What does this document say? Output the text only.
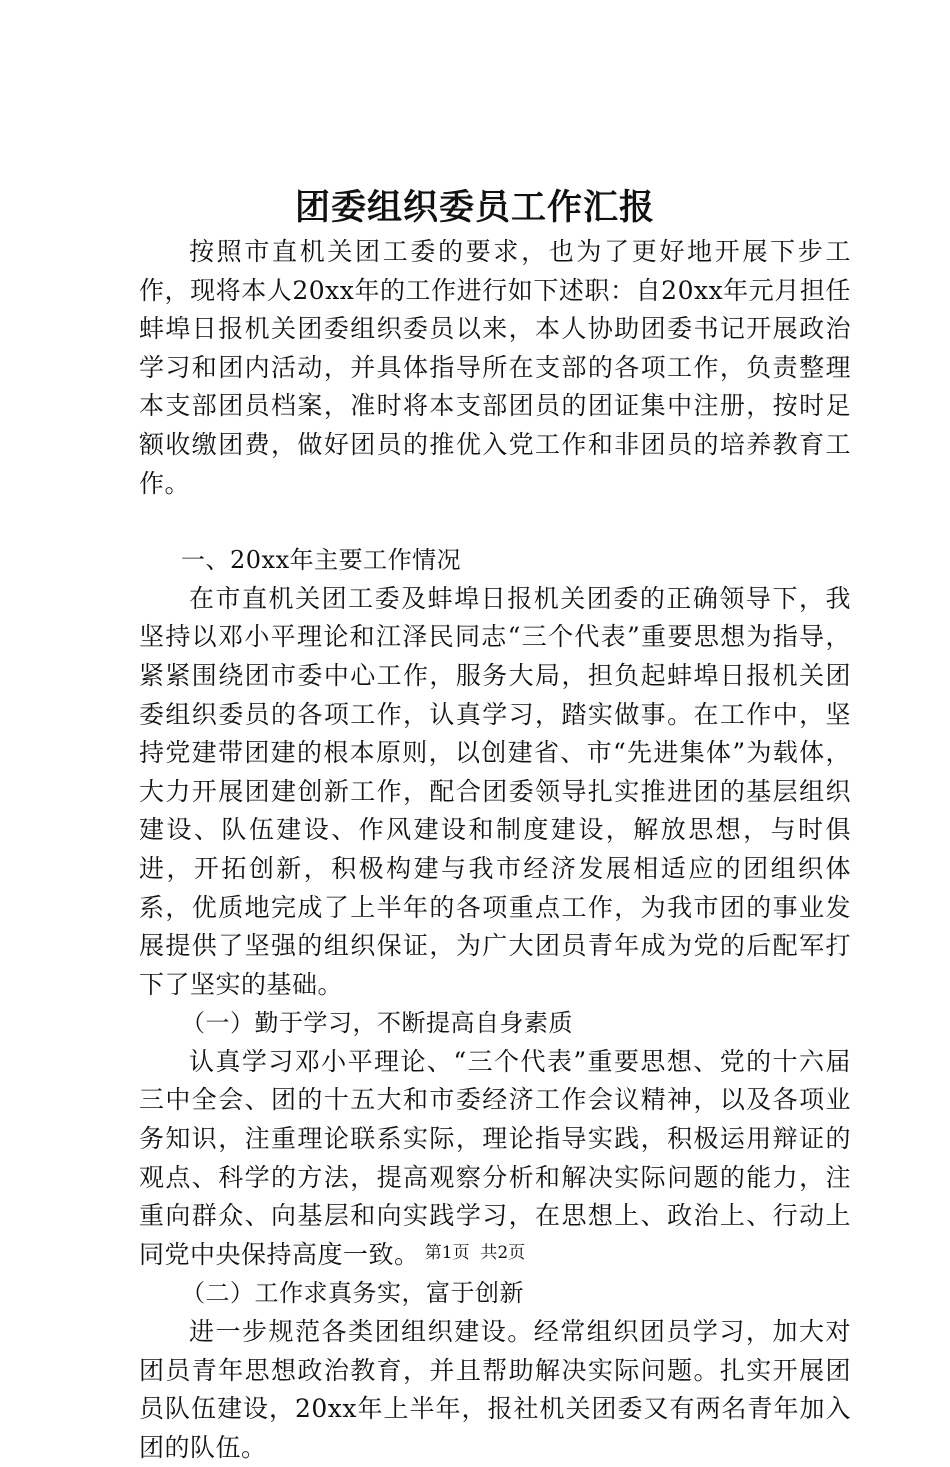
团委组织委员工作汇报

按照市直机关团工委的要求，也为了更好地开展下步工作，现将本人20xx年的工作进行如下述职：自20xx年元月担任蚌埠日报机关团委组织委员以来，本人协助团委书记开展政治学习和团内活动，并具体指导所在支部的各项工作，负责整理本支部团员档案，准时将本支部团员的团证集中注册，按时足额收缴团费，做好团员的推优入党工作和非团员的培养教育工作。

一、20xx年主要工作情况

在市直机关团工委及蚌埠日报机关团委的正确领导下，我坚持以邓小平理论和江泽民同志“三个代表”重要思想为指导，紧紧围绕团市委中心工作，服务大局，担负起蚌埠日报机关团委组织委员的各项工作，认真学习，踏实做事。在工作中，坚持党建带团建的根本原则，以创建省、市“先进集体”为载体，大力开展团建创新工作，配合团委领导扎实推进团的基层组织建设、队伍建设、作风建设和制度建设，解放思想，与时俱进，开拓创新，积极构建与我市经济发展相适应的团组织体系，优质地完成了上半年的各项重点工作，为我市团的事业发展提供了坚强的组织保证，为广大团员青年成为党的后配军打下了坚实的基础。

（一）勤于学习，不断提高自身素质

认真学习邓小平理论、“三个代表”重要思想、党的十六届三中全会、团的十五大和市委经济工作会议精神，以及各项业务知识，注重理论联系实际，理论指导实践，积极运用辩证的观点、科学的方法，提高观察分析和解决实际问题的能力，注重向群众、向基层和向实践学习，在思想上、政治上、行动上同党中央保持高度一致。

（二）工作求真务实，富于创新

进一步规范各类团组织建设。经常组织团员学习，加大对团员青年思想政治教育，并且帮助解决实际问题。扎实开展团员队伍建设，20xx年上半年，报社机关团委又有两名青年加入团的队伍。

第1页  共2页
